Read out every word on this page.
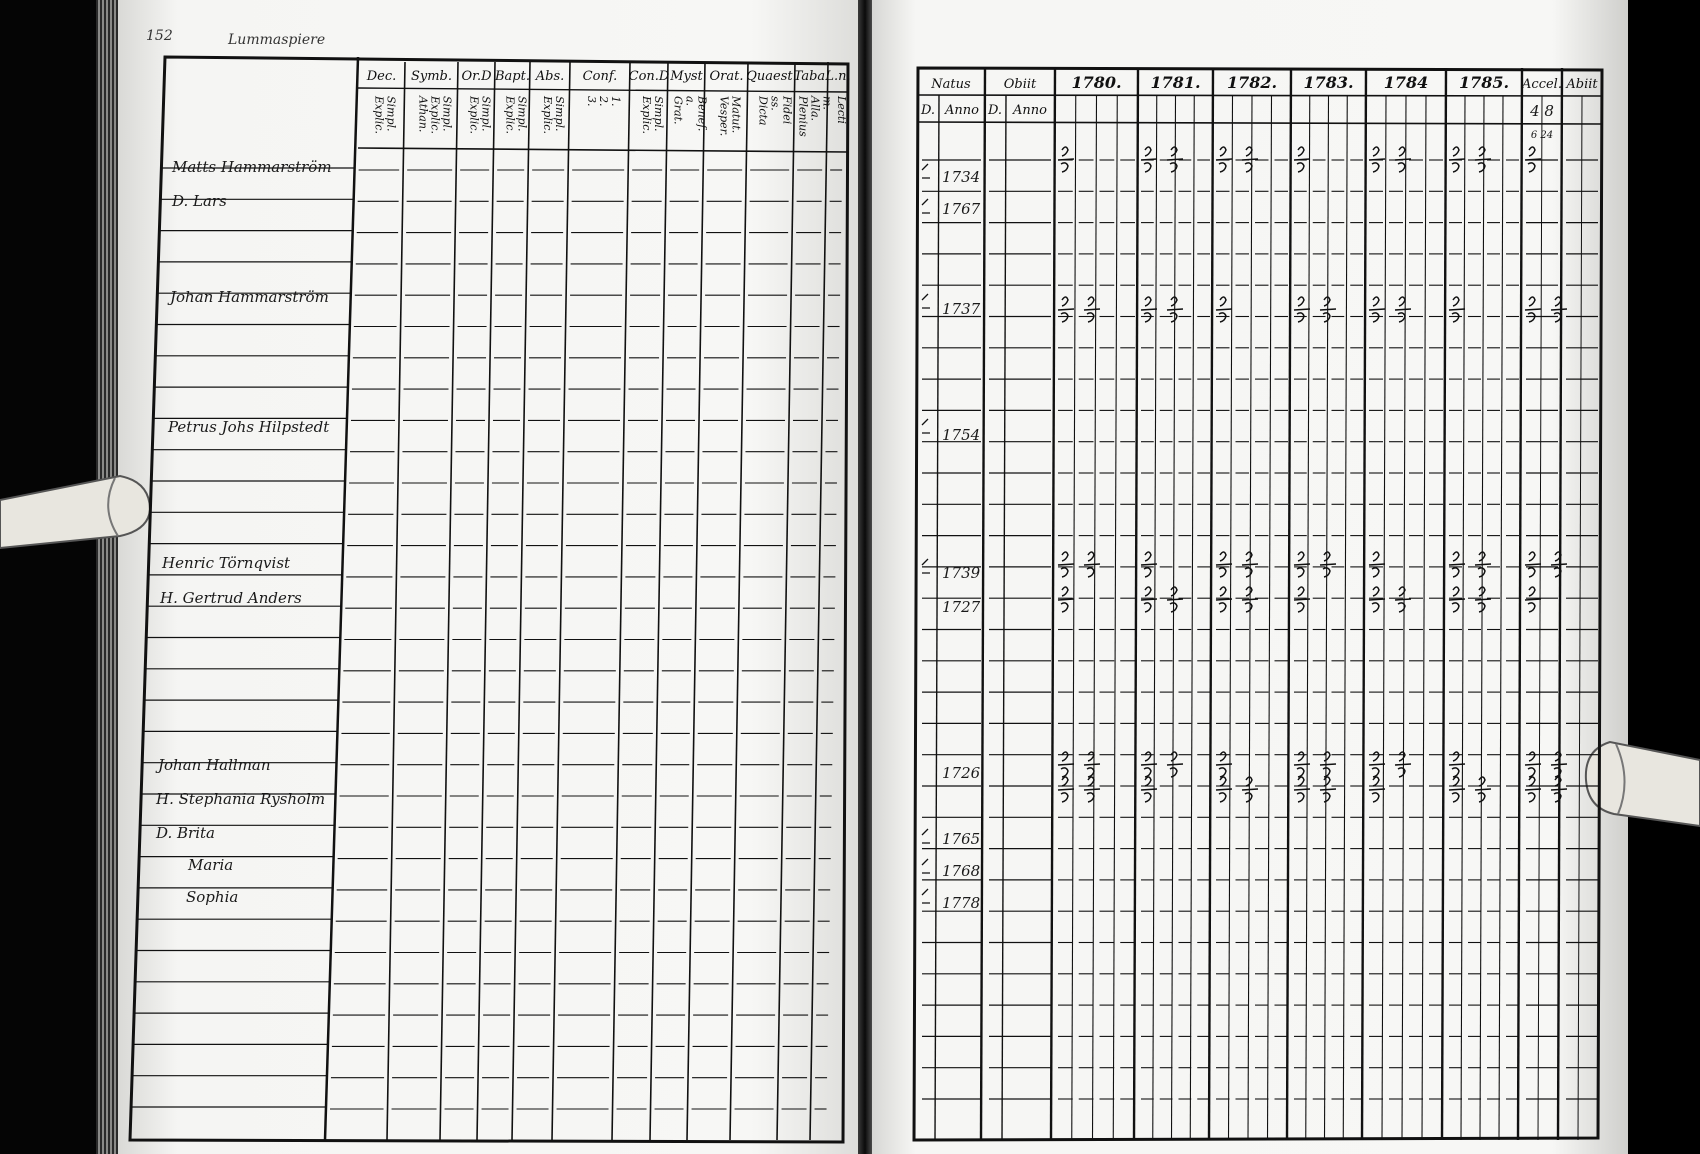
152	Lummaspiere
Dec. Symb. Or.D Bapt. Abs. Conf. Con.D Myst Orat. Quaest.
Taba.
L.n.
Explic. Simpl. Athan. Explic. Simpl. Explic. Simpl. Explic. Simpl. Explic. Simpl. 3. 2. 1. Explic. Simpl. Grat. a. Benef. Vesper. Matut. Dicta ss. Fidei Plenius Alla. m. Lecti
Matts Hammarström
D. Lars
Johan Hammarström
Petrus Johs Hilpstedt
Henric Törnqvist
H. Gertrud Anders
Johan Hallman
H. Stephania Rysholm
D. Brita
Maria
Sophia
Natus	Obiit
D. Anno D. Anno
1780. 1781. 1782. 1783. 1784 1785. Accel. Abiit
4 8
6 24
1734
1767
1737
1754
1739
1727
1726
1765
1768
1778
